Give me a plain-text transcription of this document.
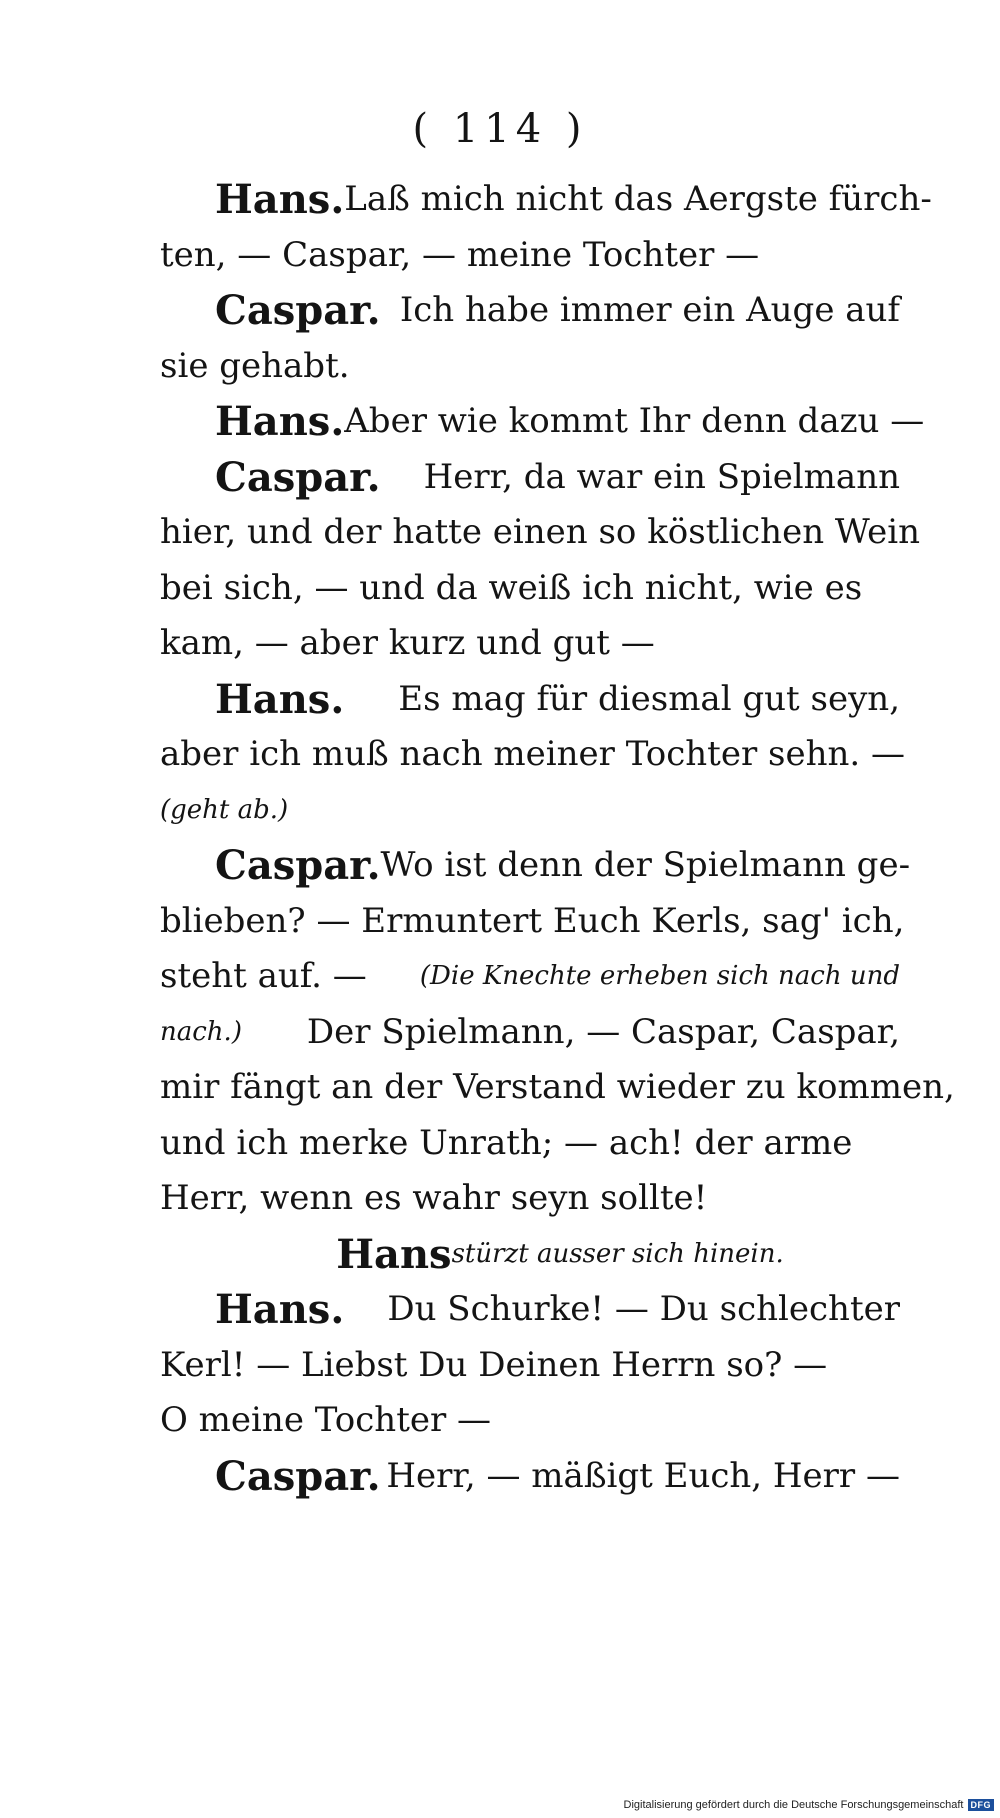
( 114 )
Hans. Laß mich nicht das Aergste fürch-
ten, — Caspar, — meine Tochter —
Caspar. Ich habe immer ein Auge auf
sie gehabt.
Hans. Aber wie kommt Ihr denn dazu —
Caspar. Herr, da war ein Spielmann
hier, und der hatte einen so köstlichen Wein
bei sich, — und da weiß ich nicht, wie es
kam, — aber kurz und gut —
Hans. Es mag für diesmal gut seyn,
aber ich muß nach meiner Tochter sehn. —
(geht ab.)
Caspar. Wo ist denn der Spielmann ge-
blieben? — Ermuntert Euch Kerls, sag' ich,
steht auf. — (Die Knechte erheben sich nach und
nach.) Der Spielmann, — Caspar, Caspar,
mir fängt an der Verstand wieder zu kommen,
und ich merke Unrath; — ach! der arme
Herr, wenn es wahr seyn sollte!
Hans stürzt ausser sich hinein.
Hans. Du Schurke! — Du schlechter
Kerl! — Liebst Du Deinen Herrn so? —
O meine Tochter —
Caspar. Herr, — mäßigt Euch, Herr —
Digitalisierung gefördert durch die Deutsche Forschungsgemeinschaft DFG
